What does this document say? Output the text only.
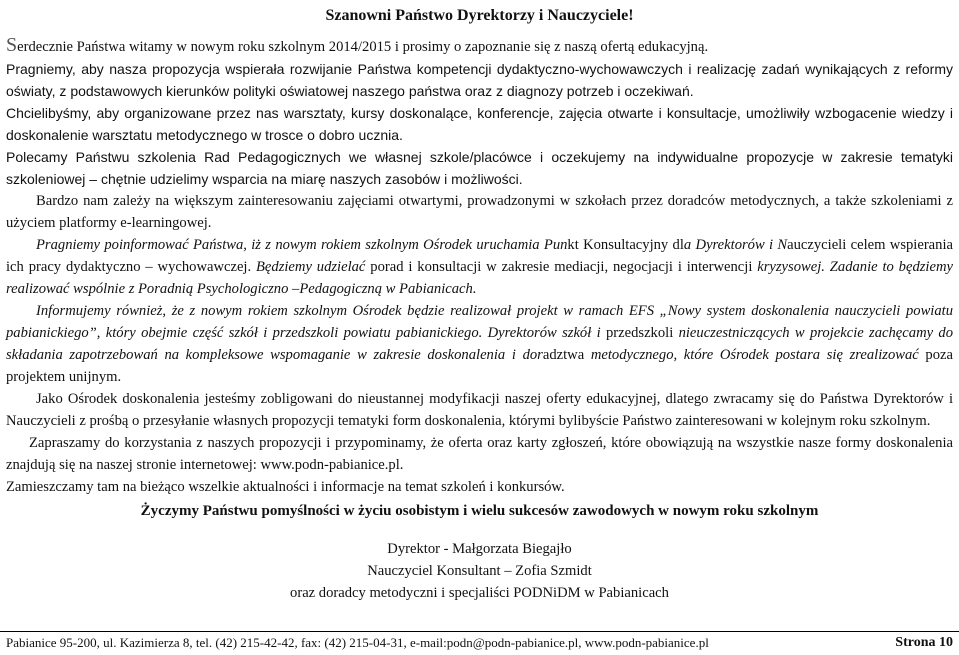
Szanowni Państwo Dyrektorzy i Nauczyciele!

Serdecznie Państwa witamy w nowym roku szkolnym 2014/2015 i prosimy o zapoznanie się z naszą ofertą edukacyjną.

Pragniemy, aby nasza propozycja wspierała rozwijanie Państwa kompetencji dydaktyczno-wychowawczych i realizację zadań wynikających z reformy oświaty, z podstawowych kierunków polityki oświatowej naszego państwa oraz z diagnozy potrzeb i oczekiwań.

Chcielibyśmy, aby organizowane przez nas warsztaty, kursy doskonalące, konferencje, zajęcia otwarte i konsultacje, umożliwiły wzbogacenie wiedzy i doskonalenie warsztatu metodycznego w trosce o dobro ucznia.

Polecamy Państwu szkolenia Rad Pedagogicznych we własnej szkole/placówce i oczekujemy na indywidualne propozycje w zakresie tematyki szkoleniowej – chętnie udzielimy wsparcia na miarę naszych zasobów i możliwości.

Bardzo nam zależy na większym zainteresowaniu zajęciami otwartymi, prowadzonymi w szkołach przez doradców metodycznych, a także szkoleniami z użyciem platformy e-learningowej.

Pragniemy poinformować Państwa, iż z nowym rokiem szkolnym Ośrodek uruchamia Punkt Konsultacyjny dla Dyrektorów i Nauczycieli celem wspierania ich pracy dydaktyczno – wychowawczej. Będziemy udzielać porad i konsultacji w zakresie mediacji, negocjacji i interwencji kryzysowej. Zadanie to będziemy realizować wspólnie z Poradnią Psychologiczno –Pedagogiczną w Pabianicach.

Informujemy również, że z nowym rokiem szkolnym Ośrodek będzie realizował projekt w ramach EFS „Nowy system doskonalenia nauczycieli powiatu pabianickiego”, który obejmie część szkół i przedszkoli powiatu pabianickiego. Dyrektorów szkół i przedszkoli nieuczestniczących w projekcie zachęcamy do składania zapotrzebowań na kompleksowe wspomaganie w zakresie doskonalenia i doradztwa metodycznego, które Ośrodek postara się zrealizować poza projektem unijnym.

Jako Ośrodek doskonalenia jesteśmy zobligowani do nieustannej modyfikacji naszej oferty edukacyjnej, dlatego zwracamy się do Państwa Dyrektorów i Nauczycieli z prośbą o przesyłanie własnych propozycji tematyki form doskonalenia, którymi bylibyście Państwo zainteresowani w kolejnym roku szkolnym.

Zapraszamy do korzystania z naszych propozycji i przypominamy, że oferta oraz karty zgłoszeń, które obowiązują na wszystkie nasze formy doskonalenia znajdują się na naszej stronie internetowej: www.podn-pabianice.pl.

Zamieszczamy tam na bieżąco wszelkie aktualności i informacje na temat szkoleń i konkursów.

Życzymy Państwu pomyślności w życiu osobistym i wielu sukcesów zawodowych w nowym roku szkolnym
Dyrektor - Małgorzata Biegajło
Nauczyciel Konsultant – Zofia Szmidt
oraz doradcy metodyczni i specjaliści PODNiDM w Pabianicach
Pabianice 95-200, ul. Kazimierza 8, tel. (42) 215-42-42, fax: (42) 215-04-31, e-mail:podn@podn-pabianice.pl, www.podn-pabianice.pl	Strona 10
